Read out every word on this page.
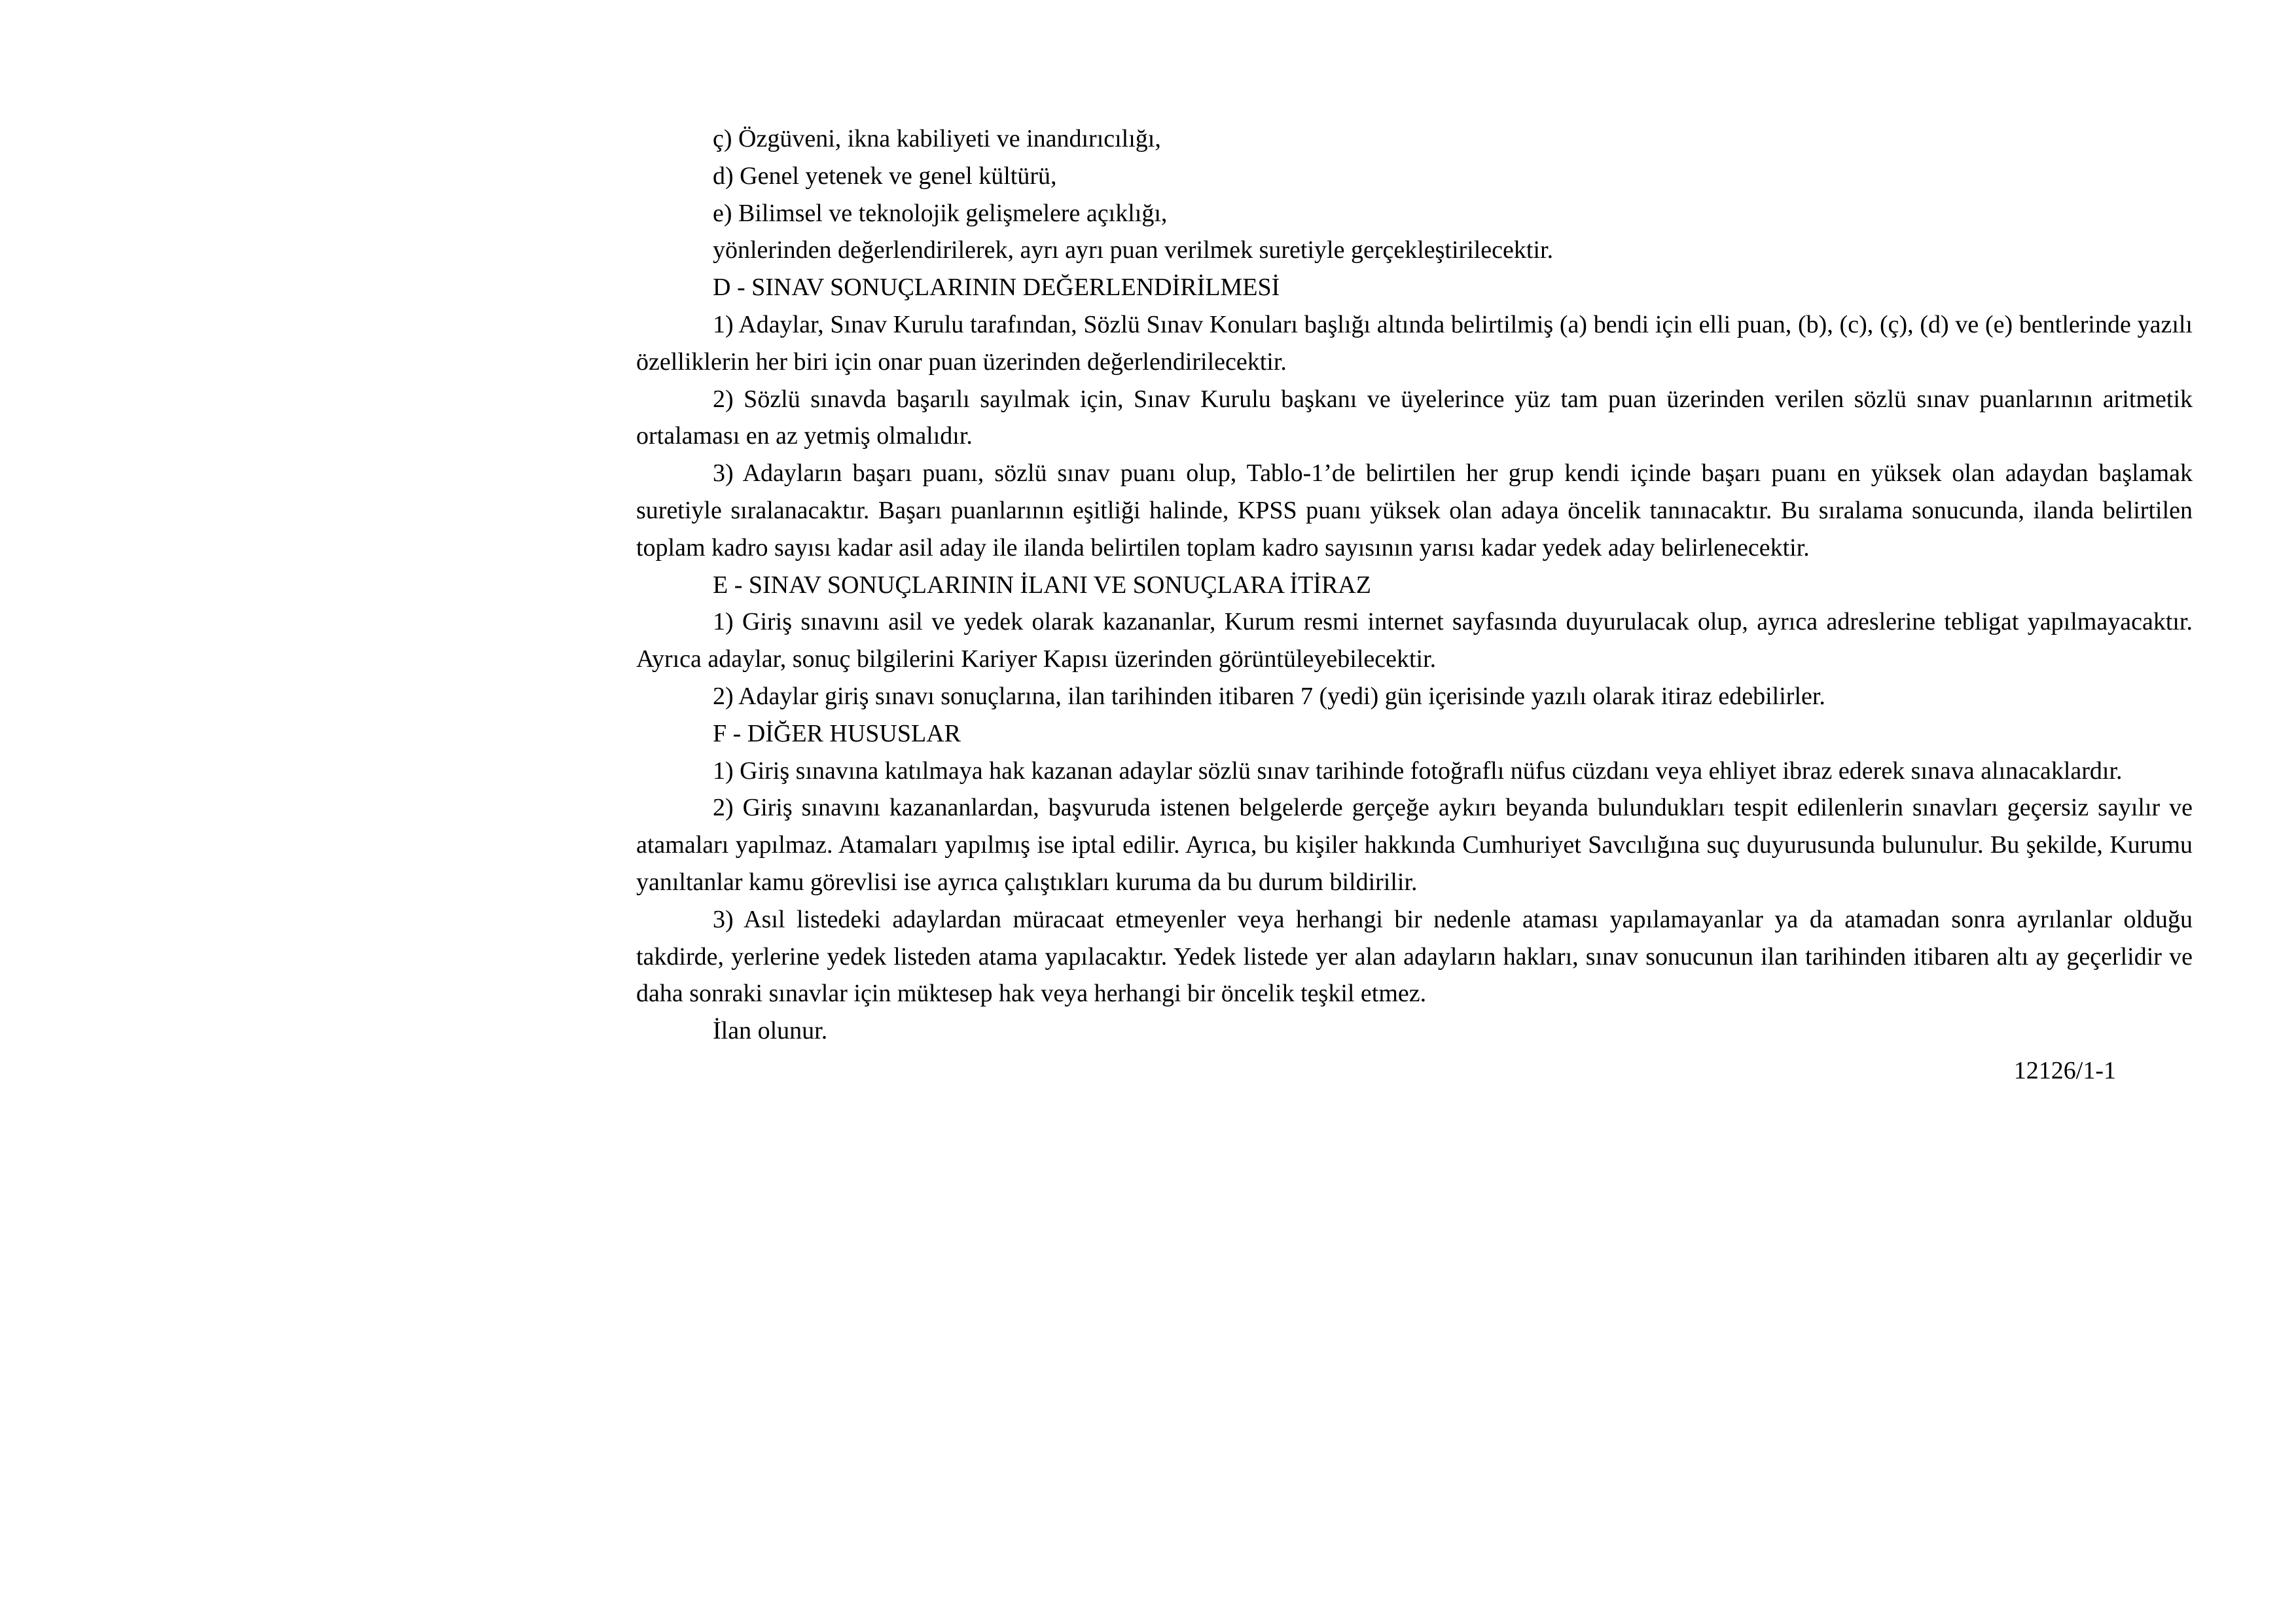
ç) Özgüveni, ikna kabiliyeti ve inandırıcılığı,

d) Genel yetenek ve genel kültürü,

e) Bilimsel ve teknolojik gelişmelere açıklığı,

yönlerinden değerlendirilerek, ayrı ayrı puan verilmek suretiyle gerçekleştirilecektir.

D - SINAV SONUÇLARININ DEĞERLENDİRİLMESİ

1) Adaylar, Sınav Kurulu tarafından, Sözlü Sınav Konuları başlığı altında belirtilmiş (a) bendi için elli puan, (b), (c), (ç), (d) ve (e) bentlerinde yazılı özelliklerin her biri için onar puan üzerinden değerlendirilecektir.

2) Sözlü sınavda başarılı sayılmak için, Sınav Kurulu başkanı ve üyelerince yüz tam puan üzerinden verilen sözlü sınav puanlarının aritmetik ortalaması en az yetmiş olmalıdır.

3) Adayların başarı puanı, sözlü sınav puanı olup, Tablo-1’de belirtilen her grup kendi içinde başarı puanı en yüksek olan adaydan başlamak suretiyle sıralanacaktır. Başarı puanlarının eşitliği halinde, KPSS puanı yüksek olan adaya öncelik tanınacaktır. Bu sıralama sonucunda, ilanda belirtilen toplam kadro sayısı kadar asil aday ile ilanda belirtilen toplam kadro sayısının yarısı kadar yedek aday belirlenecektir.

E - SINAV SONUÇLARININ İLANI VE SONUÇLARA İTİRAZ

1) Giriş sınavını asil ve yedek olarak kazananlar, Kurum resmi internet sayfasında duyurulacak olup, ayrıca adreslerine tebligat yapılmayacaktır. Ayrıca adaylar, sonuç bilgilerini Kariyer Kapısı üzerinden görüntüleyebilecektir.

2) Adaylar giriş sınavı sonuçlarına, ilan tarihinden itibaren 7 (yedi) gün içerisinde yazılı olarak itiraz edebilirler.

F - DİĞER HUSUSLAR

1) Giriş sınavına katılmaya hak kazanan adaylar sözlü sınav tarihinde fotoğraflı nüfus cüzdanı veya ehliyet ibraz ederek sınava alınacaklardır.

2) Giriş sınavını kazananlardan, başvuruda istenen belgelerde gerçeğe aykırı beyanda bulundukları tespit edilenlerin sınavları geçersiz sayılır ve atamaları yapılmaz. Atamaları yapılmış ise iptal edilir. Ayrıca, bu kişiler hakkında Cumhuriyet Savcılığına suç duyurusunda bulunulur. Bu şekilde, Kurumu yanıltanlar kamu görevlisi ise ayrıca çalıştıkları kuruma da bu durum bildirilir.

3) Asıl listedeki adaylardan müracaat etmeyenler veya herhangi bir nedenle ataması yapılamayanlar ya da atamadan sonra ayrılanlar olduğu takdirde, yerlerine yedek listeden atama yapılacaktır. Yedek listede yer alan adayların hakları, sınav sonucunun ilan tarihinden itibaren altı ay geçerlidir ve daha sonraki sınavlar için müktesep hak veya herhangi bir öncelik teşkil etmez.

İlan olunur.

12126/1-1
